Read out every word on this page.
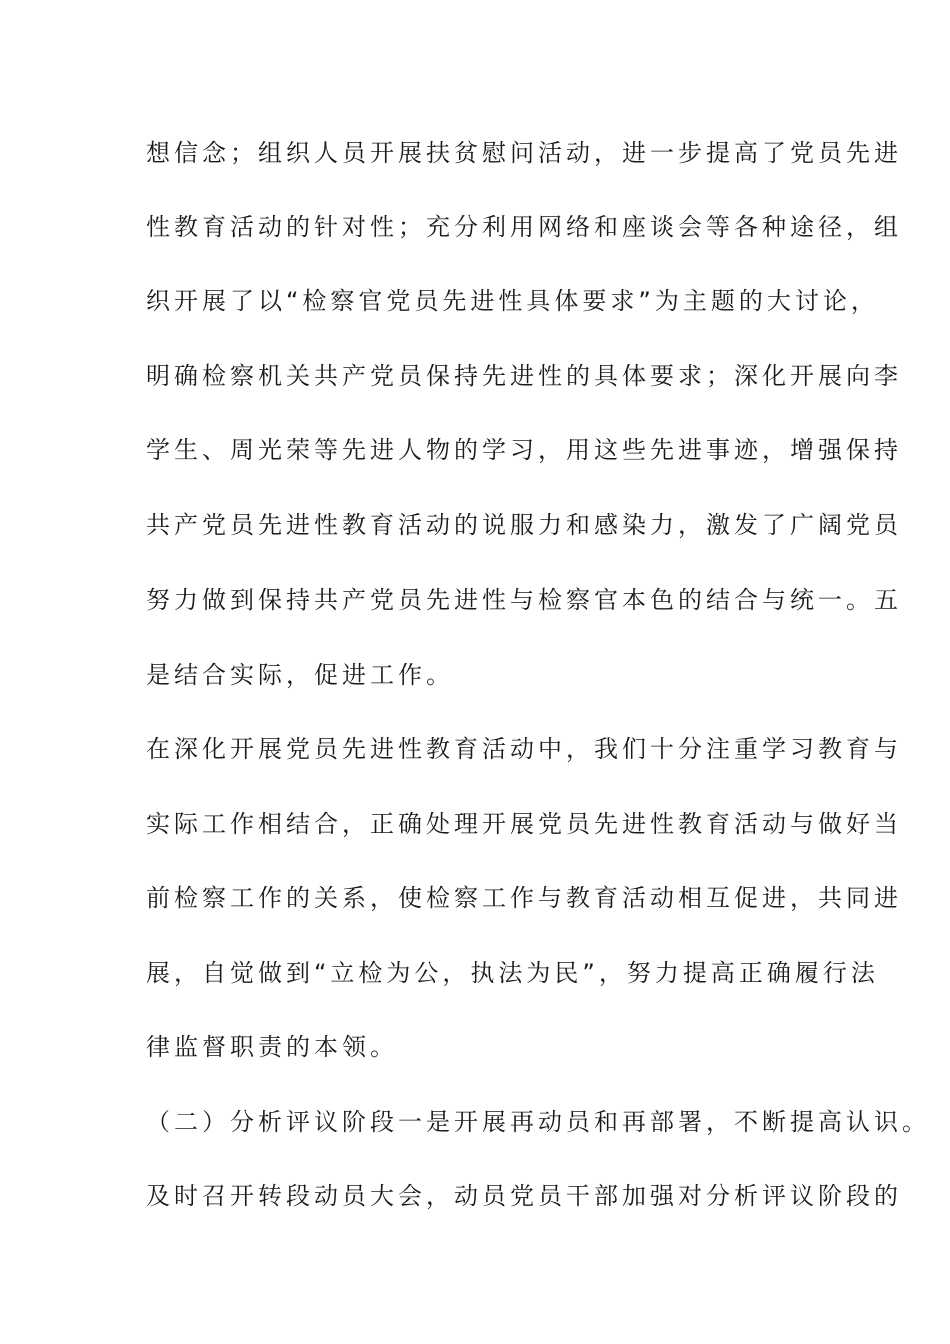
想信念；组织人员开展扶贫慰问活动，进一步提高了党员先进
性教育活动的针对性；充分利用网络和座谈会等各种途径，组
织开展了以“检察官党员先进性具体要求”为主题的大讨论，
明确检察机关共产党员保持先进性的具体要求；深化开展向李
学生、周光荣等先进人物的学习，用这些先进事迹，增强保持
共产党员先进性教育活动的说服力和感染力，激发了广阔党员
努力做到保持共产党员先进性与检察官本色的结合与统一。五
是结合实际，促进工作。
在深化开展党员先进性教育活动中，我们十分注重学习教育与
实际工作相结合，正确处理开展党员先进性教育活动与做好当
前检察工作的关系，使检察工作与教育活动相互促进，共同进
展，自觉做到“立检为公，执法为民”，努力提高正确履行法
律监督职责的本领。
（二）分析评议阶段一是开展再动员和再部署，不断提高认识。
及时召开转段动员大会，动员党员干部加强对分析评议阶段的
